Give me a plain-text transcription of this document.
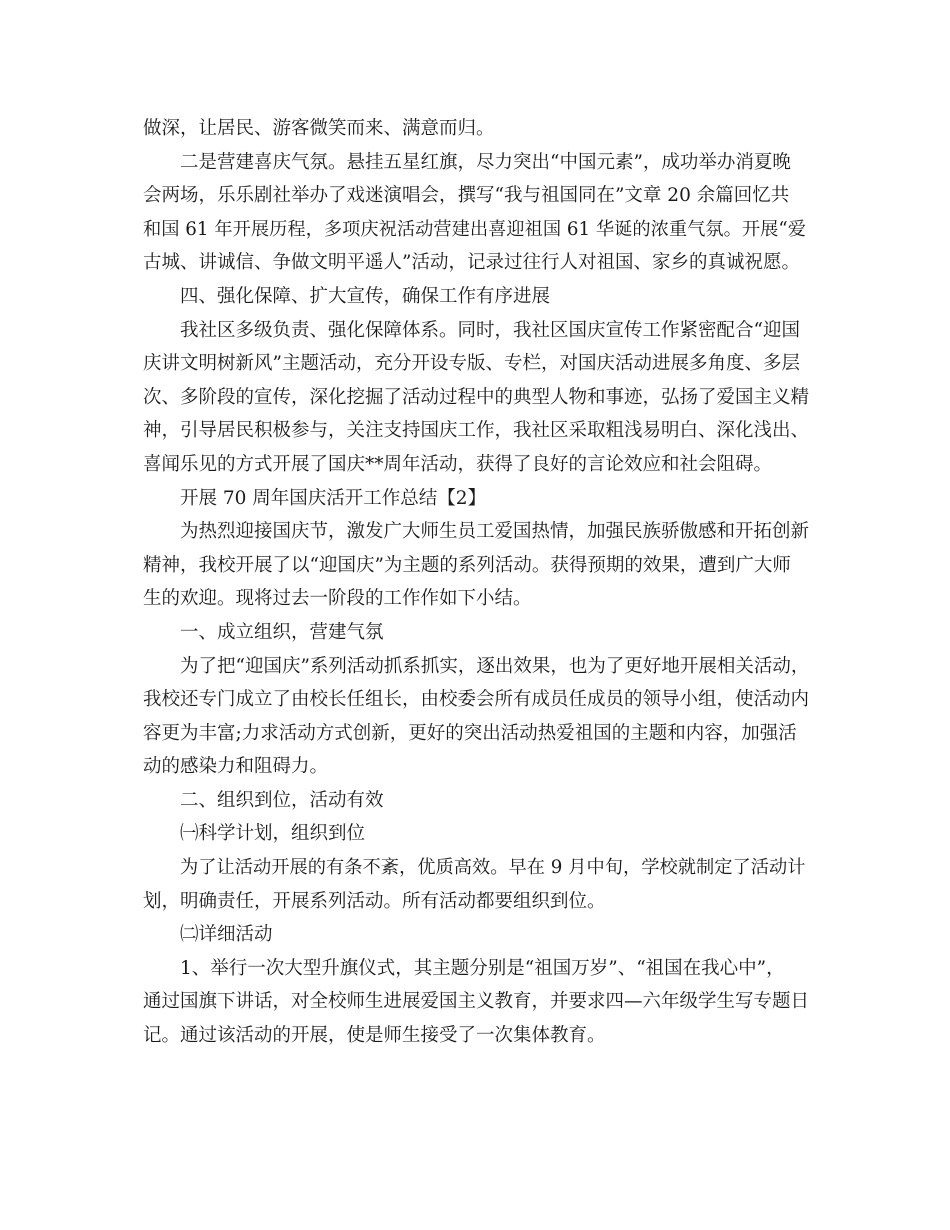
做深，让居民、游客微笑而来、满意而归。
二是营建喜庆气氛。悬挂五星红旗，尽力突出“中国元素”，成功举办消夏晚
会两场，乐乐剧社举办了戏迷演唱会，撰写“我与祖国同在”文章 20 余篇回忆共
和国 61 年开展历程，多项庆祝活动营建出喜迎祖国 61 华诞的浓重气氛。开展“爱
古城、讲诚信、争做文明平遥人”活动，记录过往行人对祖国、家乡的真诚祝愿。
四、强化保障、扩大宣传，确保工作有序进展
我社区多级负责、强化保障体系。同时，我社区国庆宣传工作紧密配合“迎国
庆讲文明树新风”主题活动，充分开设专版、专栏，对国庆活动进展多角度、多层
次、多阶段的宣传，深化挖掘了活动过程中的典型人物和事迹，弘扬了爱国主义精
神，引导居民积极参与，关注支持国庆工作，我社区采取粗浅易明白、深化浅出、
喜闻乐见的方式开展了国庆**周年活动，获得了良好的言论效应和社会阻碍。
开展 70 周年国庆活开工作总结【2】
为热烈迎接国庆节，激发广大师生员工爱国热情，加强民族骄傲感和开拓创新
精神，我校开展了以“迎国庆”为主题的系列活动。获得预期的效果，遭到广大师
生的欢迎。现将过去一阶段的工作作如下小结。
一、成立组织，营建气氛
为了把“迎国庆”系列活动抓系抓实，逐出效果，也为了更好地开展相关活动，
我校还专门成立了由校长任组长，由校委会所有成员任成员的领导小组，使活动内
容更为丰富;力求活动方式创新，更好的突出活动热爱祖国的主题和内容，加强活
动的感染力和阻碍力。
二、组织到位，活动有效
㈠科学计划，组织到位
为了让活动开展的有条不紊，优质高效。早在 9 月中旬，学校就制定了活动计
划，明确责任，开展系列活动。所有活动都要组织到位。
㈡详细活动
1、举行一次大型升旗仪式，其主题分别是“祖国万岁”、“祖国在我心中”，
通过国旗下讲话，对全校师生进展爱国主义教育，并要求四—六年级学生写专题日
记。通过该活动的开展，使是师生接受了一次集体教育。
